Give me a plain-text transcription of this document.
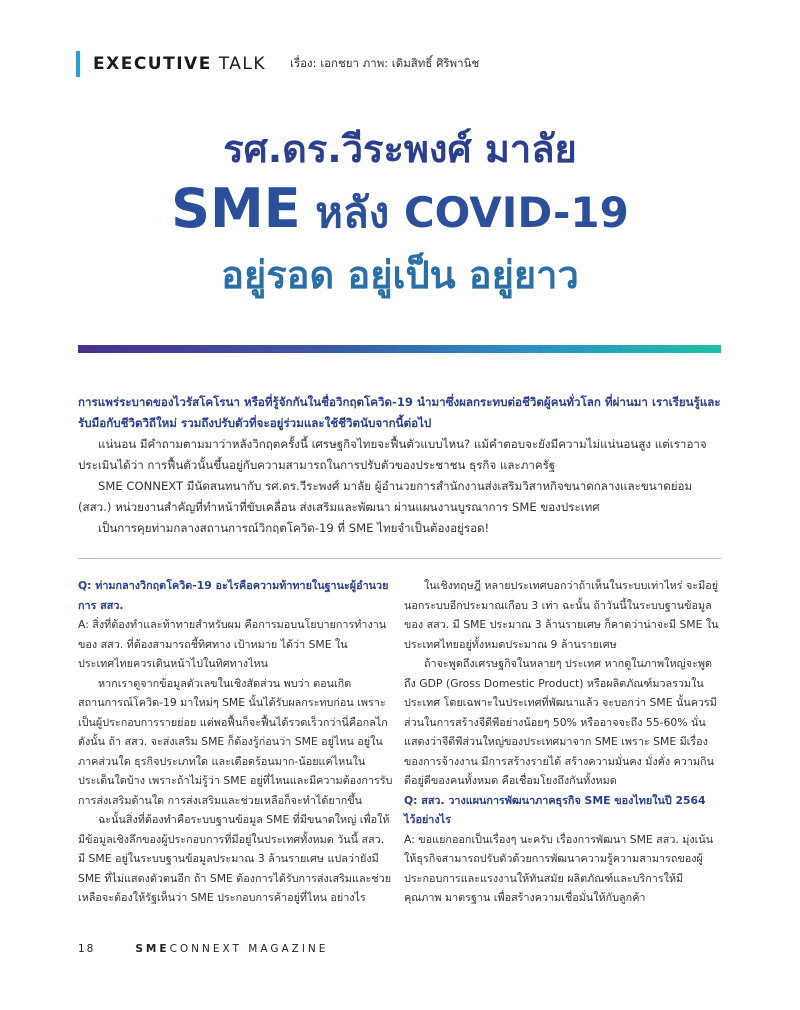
EXECUTIVE TALK เรื่อง: เอกชยา ภาพ: เดิมสิทธิ์ ศิริพานิช
รศ.ดร.วีระพงศ์ มาลัย
SME หลัง COVID-19
อยู่รอด อยู่เป็น อยู่ยาว

การแพร่ระบาดของไวรัสโคโรนา หรือที่รู้จักกันในชื่อวิกฤตโควิด-19 นำมาซึ่งผลกระทบต่อชีวิตผู้คนทั่วโลก ที่ผ่านมา เราเรียนรู้และรับมือกับชีวิตวิถีใหม่ รวมถึงปรับตัวที่จะอยู่ร่วมและใช้ชีวิตนับจากนี้ต่อไป

แน่นอน มีคำถามตามมาว่าหลังวิกฤตครั้งนี้ เศรษฐกิจไทยจะฟื้นตัวแบบไหน? แม้คำตอบจะยังมีความไม่แน่นอนสูง แต่เราอาจประเมินได้ว่า การฟื้นตัวนั้นขึ้นอยู่กับความสามารถในการปรับตัวของประชาชน ธุรกิจ และภาครัฐ

SME CONNEXT มีนัดสนทนากับ รศ.ดร.วีระพงศ์ มาลัย ผู้อำนวยการสำนักงานส่งเสริมวิสาหกิจขนาดกลางและขนาดย่อม (สสว.) หน่วยงานสำคัญที่ทำหน้าที่ขับเคลื่อน ส่งเสริมและพัฒนา ผ่านแผนงานบูรณาการ SME ของประเทศ

เป็นการคุยท่ามกลางสถานการณ์วิกฤตโควิด-19 ที่ SME ไทยจำเป็นต้องอยู่รอด!

Q: ท่ามกลางวิกฤตโควิด-19 อะไรคือความท้าทายในฐานะผู้อำนวยการ สสว.

A: สิ่งที่ต้องทำและท้าทายสำหรับผม คือการมอบนโยบายการทำงานของ สสว. ที่ต้องสามารถชี้ทิศทาง เป้าหมาย ได้ว่า SME ในประเทศไทยควรเดินหน้าไปในทิศทางไหน

หากเราดูจากข้อมูลตัวเลขในเชิงสัดส่วน พบว่า ตอนเกิดสถานการณ์โควิด-19 มาใหม่ๆ SME นั้นได้รับผลกระทบก่อน เพราะเป็นผู้ประกอบการรายย่อย แต่พอฟื้นก็จะฟื้นได้รวดเร็วกว่านี่คือกลไก ดังนั้น ถ้า สสว. จะส่งเสริม SME ก็ต้องรู้ก่อนว่า SME อยู่ไหน อยู่ในภาคส่วนใด ธุรกิจประเภทใด และเดือดร้อนมาก-น้อยแค่ไหนในประเด็นใดบ้าง เพราะถ้าไม่รู้ว่า SME อยู่ที่ไหนและมีความต้องการรับการส่งเสริมด้านใด การส่งเสริมและช่วยเหลือก็จะทำได้ยากขึ้น

ฉะนั้นสิ่งที่ต้องทำคือระบบฐานข้อมูล SME ที่มีขนาดใหญ่ เพื่อให้มีข้อมูลเชิงลึกของผู้ประกอบการที่มีอยู่ในประเทศทั้งหมด วันนี้ สสว. มี SME อยู่ในระบบฐานข้อมูลประมาณ 3 ล้านรายเศษ แปลว่ายังมี SME ที่ไม่แสดงตัวตนอีก ถ้า SME ต้องการได้รับการส่งเสริมและช่วยเหลือจะต้องให้รัฐเห็นว่า SME ประกอบการค้าอยู่ที่ไหน อย่างไร

ในเชิงทฤษฎี หลายประเทศบอกว่าถ้าเห็นในระบบเท่าไหร่ จะมีอยู่นอกระบบอีกประมาณเกือบ 3 เท่า ฉะนั้น ถ้าวันนี้ในระบบฐานข้อมูลของ สสว. มี SME ประมาณ 3 ล้านรายเศษ ก็คาดว่าน่าจะมี SME ในประเทศไทยอยู่ทั้งหมดประมาณ 9 ล้านรายเศษ

ถ้าจะพูดถึงเศรษฐกิจในหลายๆ ประเทศ หากดูในภาพใหญ่จะพูดถึง GDP (Gross Domestic Product) หรือผลิตภัณฑ์มวลรวมในประเทศ โดยเฉพาะในประเทศที่พัฒนาแล้ว จะบอกว่า SME นั้นควรมีส่วนในการสร้างจีดีพีอย่างน้อยๆ 50% หรืออาจจะถึง 55-60% นั่นแสดงว่าจีดีพีส่วนใหญ่ของประเทศมาจาก SME เพราะ SME มีเรื่องของการจ้างงาน มีการสร้างรายได้ สร้างความมั่นคง มั่งคั่ง ความกินดีอยู่ดีของคนทั้งหมด คือเชื่อมโยงถึงกันทั้งหมด

Q: สสว. วางแผนการพัฒนาภาคธุรกิจ SME ของไทยในปี 2564 ไว้อย่างไร

A: ขอแยกออกเป็นเรื่องๆ นะครับ เรื่องการพัฒนา SME สสว. มุ่งเน้นให้ธุรกิจสามารถปรับตัวด้วยการพัฒนาความรู้ความสามารถของผู้ประกอบการและแรงงานให้ทันสมัย ผลิตภัณฑ์และบริการให้มีคุณภาพ มาตรฐาน เพื่อสร้างความเชื่อมั่นให้กับลูกค้า

18	SME CONNEXT MAGAZINE
